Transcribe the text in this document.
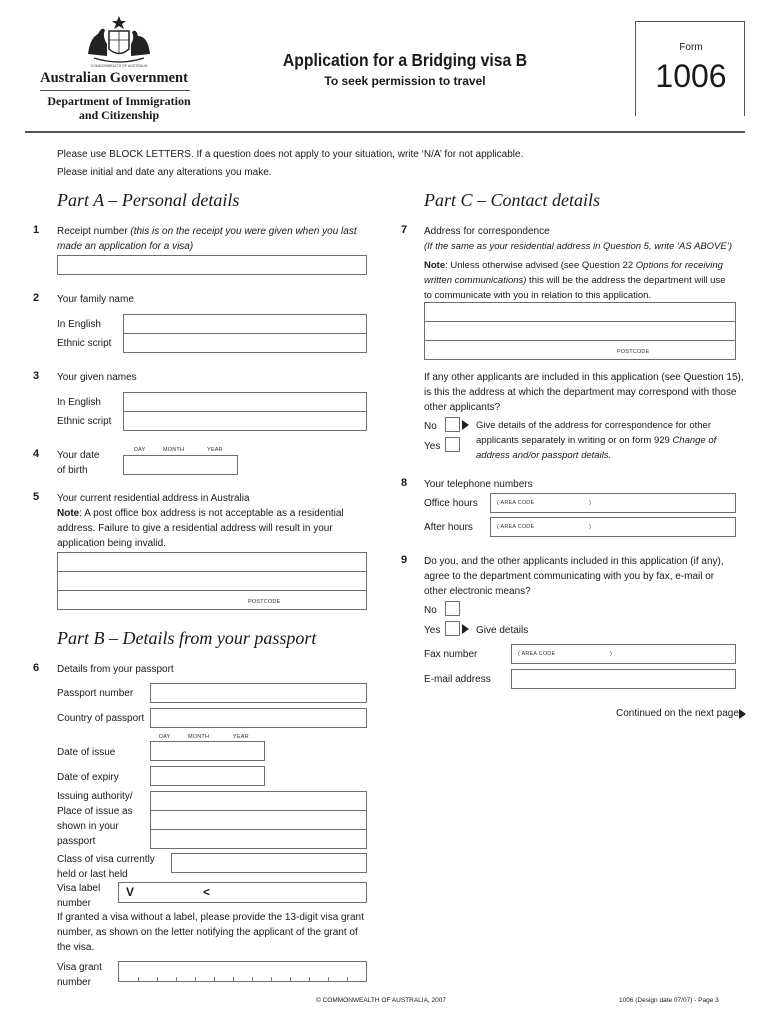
COMMONWEALTH OF AUSTRALIA
Australian Government
Department of Immigration
and Citizenship
Application for a Bridging visa B
To seek permission to travel
Form
1006
Please use BLOCK LETTERS. If a question does not apply to your situation, write ‘N/A’ for not applicable.
Please initial and date any alterations you make.
Part A – Personal details
1 Receipt number (this is on the receipt you were given when you last
made an application for a visa)
2 Your family name
In English
Ethnic script
3 Your given names
In English
Ethnic script
4 Your date
of birth
DAY	MONTH	YEAR
5 Your current residential address in Australia
Note: A post office box address is not acceptable as a residential
address. Failure to give a residential address will result in your
application being invalid.
POSTCODE
Part B – Details from your passport
6 Details from your passport
Passport number
Country of passport
DAY	MONTH	YEAR
Date of issue
Date of expiry
Issuing authority/
Place of issue as
shown in your
passport
Class of visa currently
held or last held
Visa label
number
V	<
If granted a visa without a label, please provide the 13-digit visa grant
number, as shown on the letter notifying the applicant of the grant of
the visa.
Visa grant
number
Part C – Contact details
7 Address for correspondence
(If the same as your residential address in Question 5, write ‘AS ABOVE’)
Note: Unless otherwise advised (see Question 22 Options for receiving
written communications) this will be the address the department will use
to communicate with you in relation to this application.
POSTCODE
If any other applicants are included in this application (see Question 15),
is this the address at which the department may correspond with those
other applicants?
No
Yes
Give details of the address for correspondence for other
applicants separately in writing or on form 929 Change of
address and/or passport details.
8 Your telephone numbers
Office hours	( AREA CODE	)
After hours	( AREA CODE	)
9 Do you, and the other applicants included in this application (if any),
agree to the department communicating with you by fax, e-mail or
other electronic means?
No
Yes	Give details
Fax number	( AREA CODE	)
E-mail address
Continued on the next page
© COMMONWEALTH OF AUSTRALIA, 2007	1006 (Design date 07/07) - Page 3
